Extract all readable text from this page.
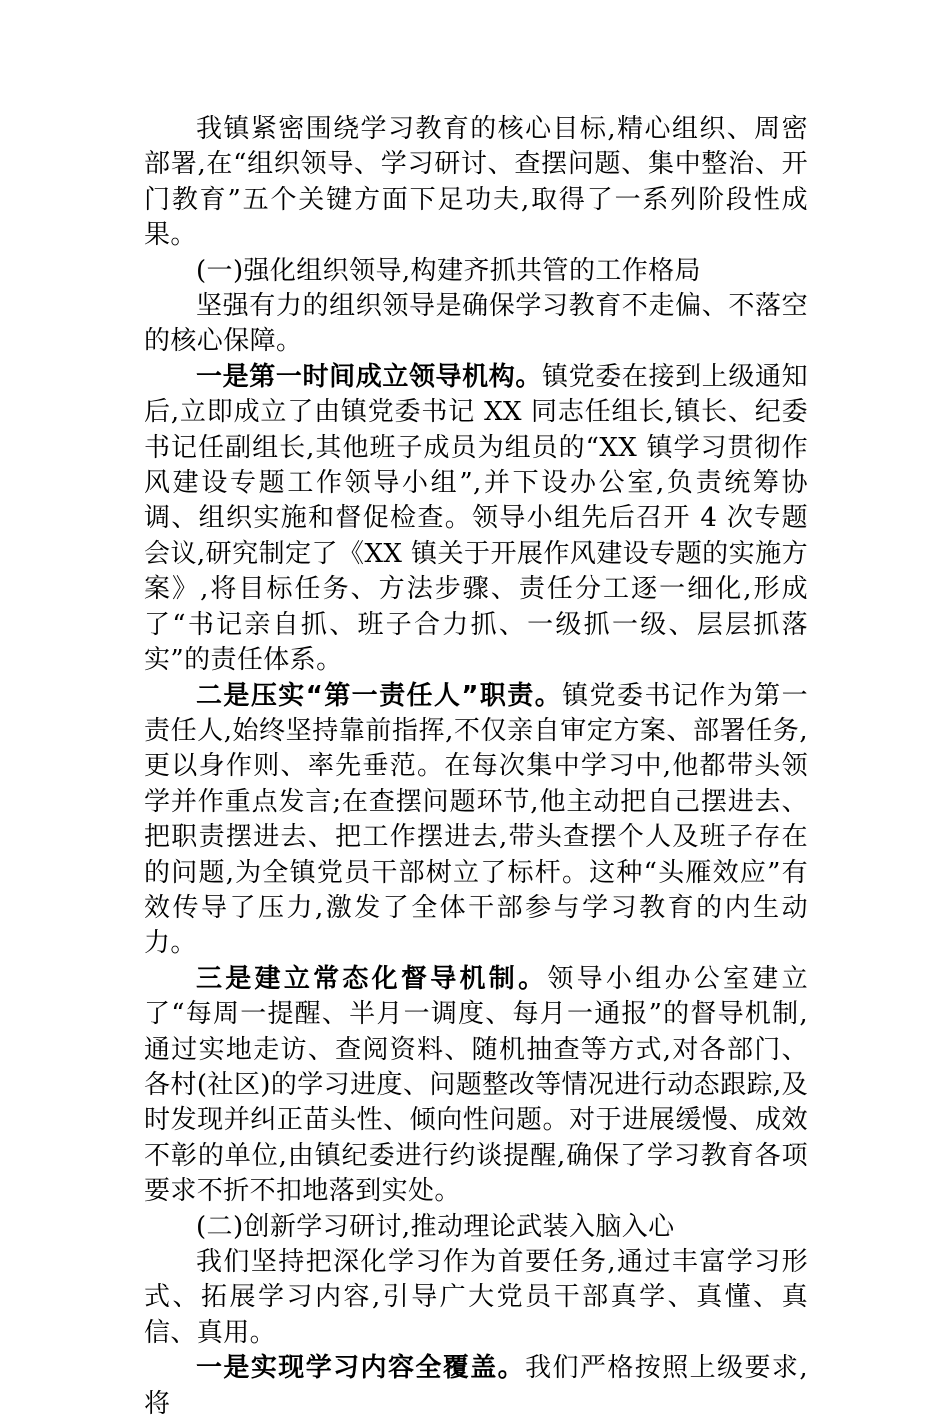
我镇紧密围绕学习教育的核心目标,精心组织、周密部署,在“组织领导、学习研讨、查摆问题、集中整治、开门教育”五个关键方面下足功夫,取得了一系列阶段性成果。

(一)强化组织领导,构建齐抓共管的工作格局

坚强有力的组织领导是确保学习教育不走偏、不落空的核心保障。

一是第一时间成立领导机构。镇党委在接到上级通知后,立即成立了由镇党委书记 XX 同志任组长,镇长、纪委书记任副组长,其他班子成员为组员的“XX 镇学习贯彻作风建设专题工作领导小组”,并下设办公室,负责统筹协调、组织实施和督促检查。领导小组先后召开 4 次专题会议,研究制定了《XX 镇关于开展作风建设专题的实施方案》,将目标任务、方法步骤、责任分工逐一细化,形成了“书记亲自抓、班子合力抓、一级抓一级、层层抓落实”的责任体系。

二是压实“第一责任人”职责。镇党委书记作为第一责任人,始终坚持靠前指挥,不仅亲自审定方案、部署任务,更以身作则、率先垂范。在每次集中学习中,他都带头领学并作重点发言;在查摆问题环节,他主动把自己摆进去、把职责摆进去、把工作摆进去,带头查摆个人及班子存在的问题,为全镇党员干部树立了标杆。这种“头雁效应”有效传导了压力,激发了全体干部参与学习教育的内生动力。

三是建立常态化督导机制。领导小组办公室建立了“每周一提醒、半月一调度、每月一通报”的督导机制,通过实地走访、查阅资料、随机抽查等方式,对各部门、各村(社区)的学习进度、问题整改等情况进行动态跟踪,及时发现并纠正苗头性、倾向性问题。对于进展缓慢、成效不彰的单位,由镇纪委进行约谈提醒,确保了学习教育各项要求不折不扣地落到实处。

(二)创新学习研讨,推动理论武装入脑入心

我们坚持把深化学习作为首要任务,通过丰富学习形式、拓展学习内容,引导广大党员干部真学、真懂、真信、真用。

一是实现学习内容全覆盖。我们严格按照上级要求,将
